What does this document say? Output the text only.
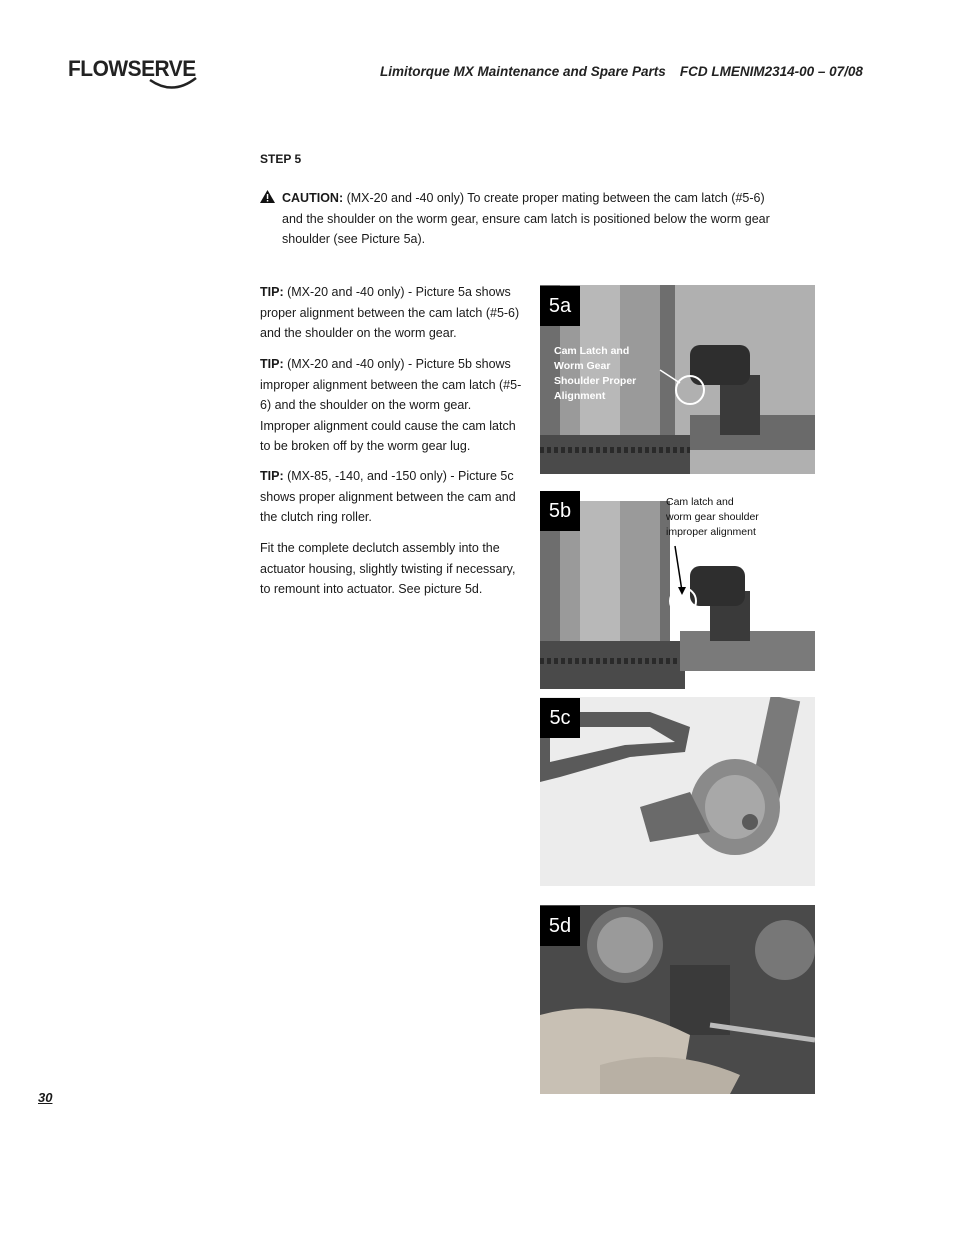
FLOWSERVE	Limitorque MX Maintenance and Spare Parts FCD LMENIM2314-00 – 07/08
STEP 5
CAUTION: (MX-20 and -40 only) To create proper mating between the cam latch (#5-6) and the shoulder on the worm gear, ensure cam latch is positioned below the worm gear shoulder (see Picture 5a).
TIP: (MX-20 and -40 only) - Picture 5a shows proper alignment between the cam latch (#5-6) and the shoulder on the worm gear.
TIP: (MX-20 and -40 only) - Picture 5b shows improper alignment between the cam latch (#5-6) and the shoulder on the worm gear. Improper alignment could cause the cam latch to be broken off by the worm gear lug.
TIP: (MX-85, -140, and -150 only) - Picture 5c shows proper alignment between the cam and the clutch ring roller.
Fit the complete declutch assembly into the actuator housing, slightly twisting if necessary, to remount into actuator. See picture 5d.
5a
Cam Latch and
Worm Gear
Shoulder Proper
Alignment
5b	Cam latch and
worm gear shoulder
improper alignment
5c
5d
30
